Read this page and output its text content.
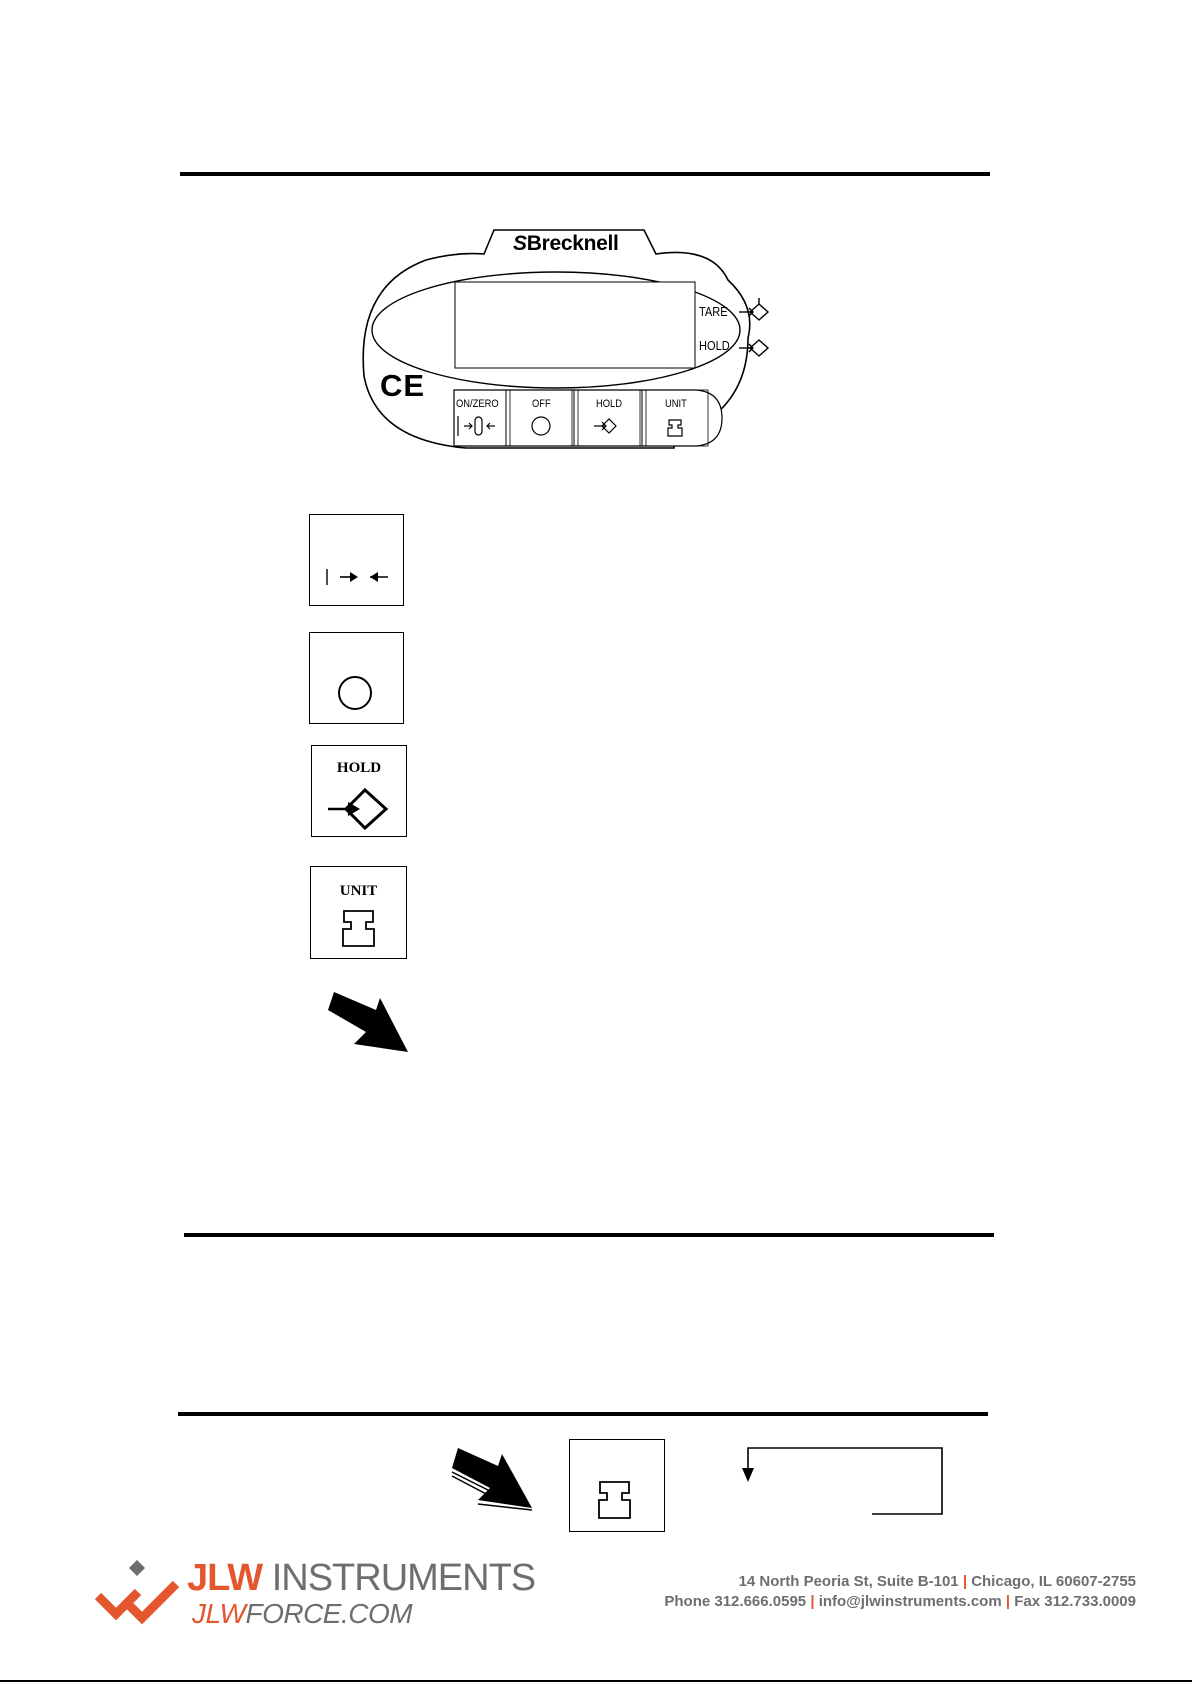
SBrecknell
CE
TARE
HOLD
ON/ZERO	OFF	HOLD	UNIT
HOLD
UNIT
JLW INSTRUMENTS
JLWFORCE.COM
14 North Peoria St, Suite B-101 | Chicago, IL 60607-2755
Phone 312.666.0595 | info@jlwinstruments.com | Fax 312.733.0009
